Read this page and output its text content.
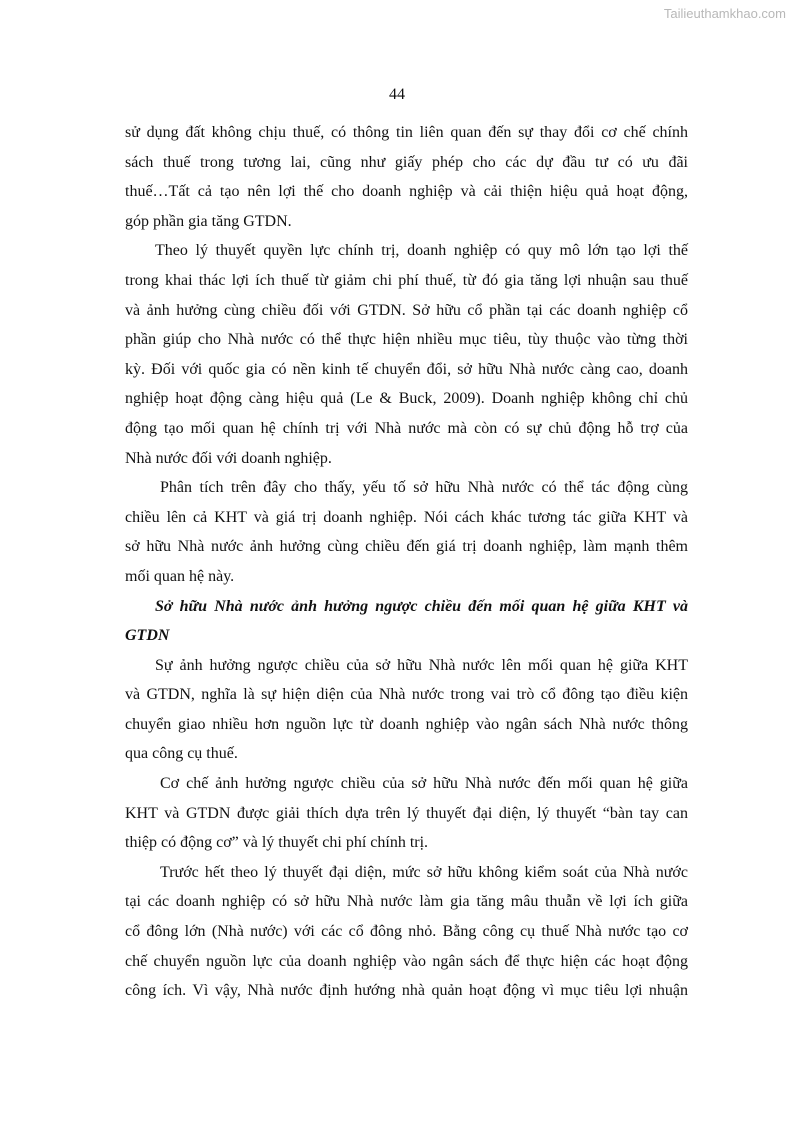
Tailieuthamkhao.com
44

sử dụng đất không chịu thuế, có thông tin liên quan đến sự thay đổi cơ chế chính
sách thuế trong tương lai, cũng như giấy phép cho các dự đầu tư có ưu đãi
thuế…Tất cả tạo nên lợi thế cho doanh nghiệp và cải thiện hiệu quả hoạt động,
góp phần gia tăng GTDN.

Theo lý thuyết quyền lực chính trị, doanh nghiệp có quy mô lớn tạo lợi thế
trong khai thác lợi ích thuế từ giảm chi phí thuế, từ đó gia tăng lợi nhuận sau thuế
và ảnh hưởng cùng chiều đối với GTDN. Sở hữu cổ phần tại các doanh nghiệp cổ
phần giúp cho Nhà nước có thể thực hiện nhiều mục tiêu, tùy thuộc vào từng thời
kỳ. Đối với quốc gia có nền kinh tế chuyển đổi, sở hữu Nhà nước càng cao, doanh
nghiệp hoạt động càng hiệu quả (Le & Buck, 2009). Doanh nghiệp không chỉ chủ
động tạo mối quan hệ chính trị với Nhà nước mà còn có sự chủ động hỗ trợ của
Nhà nước đối với doanh nghiệp.

Phân tích trên đây cho thấy, yếu tố sở hữu Nhà nước có thể tác động cùng
chiều lên cả KHT và giá trị doanh nghiệp. Nói cách khác tương tác giữa KHT và
sở hữu Nhà nước ảnh hưởng cùng chiều đến giá trị doanh nghiệp, làm mạnh thêm
mối quan hệ này.

Sở hữu Nhà nước ảnh hưởng ngược chiều đến mối quan hệ giữa KHT và
GTDN

Sự ảnh hưởng ngược chiều của sở hữu Nhà nước lên mối quan hệ giữa KHT
và GTDN, nghĩa là sự hiện diện của Nhà nước trong vai trò cổ đông tạo điều kiện
chuyển giao nhiều hơn nguồn lực từ doanh nghiệp vào ngân sách Nhà nước thông
qua công cụ thuế.

Cơ chế ảnh hưởng ngược chiều của sở hữu Nhà nước đến mối quan hệ giữa
KHT và GTDN được giải thích dựa trên lý thuyết đại diện, lý thuyết “bàn tay can
thiệp có động cơ” và lý thuyết chi phí chính trị.

Trước hết theo lý thuyết đại diện, mức sở hữu không kiểm soát của Nhà nước
tại các doanh nghiệp có sở hữu Nhà nước làm gia tăng mâu thuẫn về lợi ích giữa
cổ đông lớn (Nhà nước) với các cổ đông nhỏ. Bằng công cụ thuế Nhà nước tạo cơ
chế chuyển nguồn lực của doanh nghiệp vào ngân sách để thực hiện các hoạt động
công ích. Vì vậy, Nhà nước định hướng nhà quản hoạt động vì mục tiêu lợi nhuận
